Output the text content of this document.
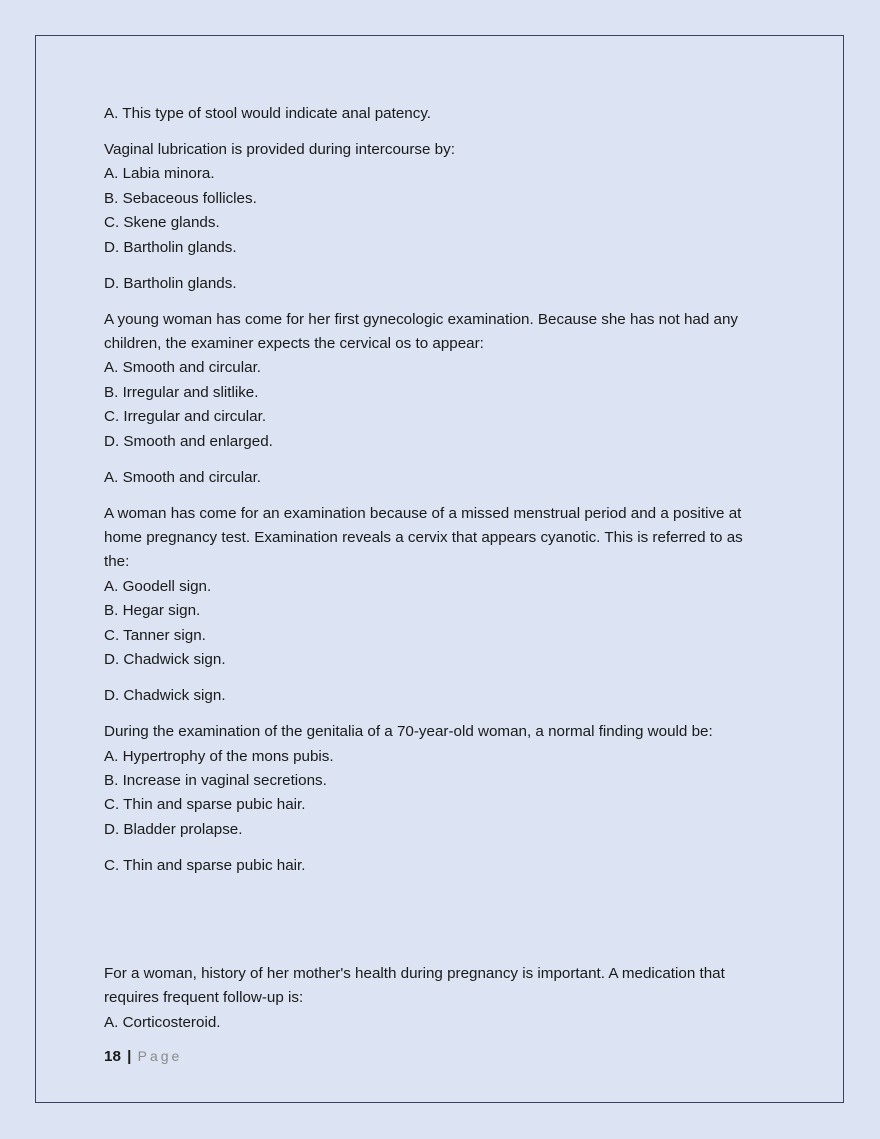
A. This type of stool would indicate anal patency.

Vaginal lubrication is provided during intercourse by:

A. Labia minora.

B. Sebaceous follicles.

C. Skene glands.

D. Bartholin glands.

D. Bartholin glands.

A young woman has come for her first gynecologic examination. Because she has not had any

children, the examiner expects the cervical os to appear:

A. Smooth and circular.

B. Irregular and slitlike.

C. Irregular and circular.

D. Smooth and enlarged.

A. Smooth and circular.

A woman has come for an examination because of a missed menstrual period and a positive at

home pregnancy test. Examination reveals a cervix that appears cyanotic. This is referred to as

the:

A. Goodell sign.

B. Hegar sign.

C. Tanner sign.

D. Chadwick sign.

D. Chadwick sign.

During the examination of the genitalia of a 70-year-old woman, a normal finding would be:

A. Hypertrophy of the mons pubis.

B. Increase in vaginal secretions.

C. Thin and sparse pubic hair.

D. Bladder prolapse.

C. Thin and sparse pubic hair.

For a woman, history of her mother's health during pregnancy is important. A medication that

requires frequent follow-up is:

A. Corticosteroid.

18 | Page
